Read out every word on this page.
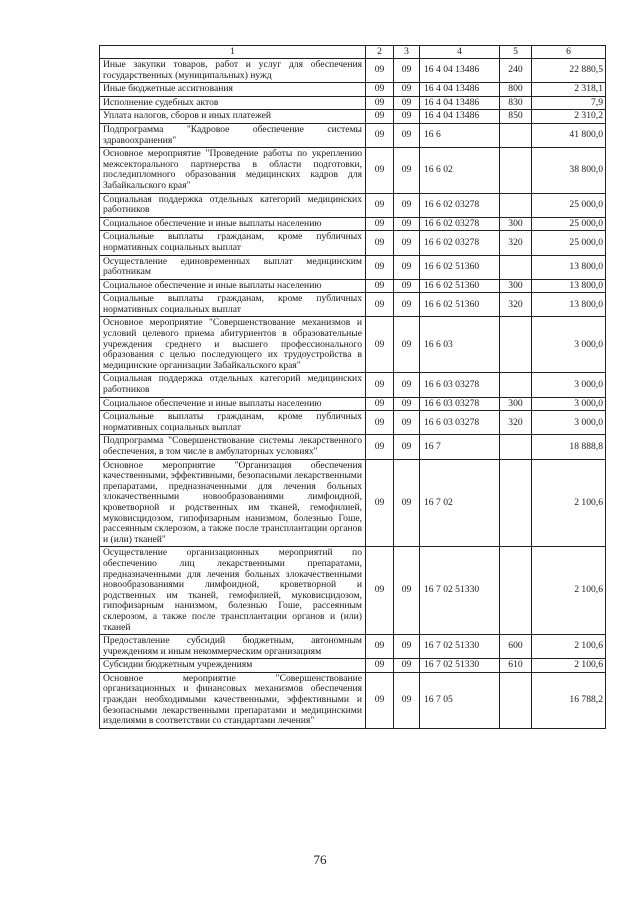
1	2	3	4	5	6
Иные закупки товаров, работ и услуг для обеспечения государственных (муниципальных) нужд	09	09	16 4 04 13486	240	22 880,5
Иные бюджетные ассигнования	09	09	16 4 04 13486	800	2 318,1
Исполнение судебных актов	09	09	16 4 04 13486	830	7,9
Уплата налогов, сборов и иных платежей	09	09	16 4 04 13486	850	2 310,2
Подпрограмма "Кадровое обеспечение системы здравоохранения"	09	09	16 6		41 800,0
Основное мероприятие "Проведение работы по укреплению межсекторального партнерства в области подготовки, последипломного образования медицинских кадров для Забайкальского края"	09	09	16 6 02		38 800,0
Социальная поддержка отдельных категорий медицинских работников	09	09	16 6 02 03278		25 000,0
Социальное обеспечение и иные выплаты населению	09	09	16 6 02 03278	300	25 000,0
Социальные выплаты гражданам, кроме публичных нормативных социальных выплат	09	09	16 6 02 03278	320	25 000,0
Осуществление единовременных выплат медицинским работникам	09	09	16 6 02 51360		13 800,0
Социальное обеспечение и иные выплаты населению	09	09	16 6 02 51360	300	13 800,0
Социальные выплаты гражданам, кроме публичных нормативных социальных выплат	09	09	16 6 02 51360	320	13 800,0
Основное мероприятие "Совершенствование механизмов и условий целевого приема абитуриентов в образовательные учреждения среднего и высшего профессионального образования с целью последующего их трудоустройства в медицинские организации Забайкальского края"	09	09	16 6 03		3 000,0
Социальная поддержка отдельных категорий медицинских работников	09	09	16 6 03 03278		3 000,0
Социальное обеспечение и иные выплаты населению	09	09	16 6 03 03278	300	3 000,0
Социальные выплаты гражданам, кроме публичных нормативных социальных выплат	09	09	16 6 03 03278	320	3 000,0
Подпрограмма "Совершенствование системы лекарственного обеспечения, в том числе в амбулаторных условиях"	09	09	16 7		18 888,8
Основное мероприятие "Организация обеспечения качественными, эффективными, безопасными лекарственными препаратами, предназначенными для лечения больных злокачественными новообразованиями лимфоидной, кроветворной и родственных им тканей, гемофилией, муковисцидозом, гипофизарным нанизмом, болезнью Гоше, рассеянным склерозом, а также после трансплантации органов и (или) тканей"	09	09	16 7 02		2 100,6
Осуществление организационных мероприятий по обеспечению лиц лекарственными препаратами, предназначенными для лечения больных злокачественными новообразованиями лимфоидной, кроветворной и родственных им тканей, гемофилией, муковисцидозом, гипофизарным нанизмом, болезнью Гоше, рассеянным склерозом, а также после трансплантации органов и (или) тканей	09	09	16 7 02 51330		2 100,6
Предоставление субсидий бюджетным, автономным учреждениям и иным некоммерческим организациям	09	09	16 7 02 51330	600	2 100,6
Субсидии бюджетным учреждениям	09	09	16 7 02 51330	610	2 100,6
Основное мероприятие "Совершенствование организационных и финансовых механизмов обеспечения граждан необходимыми качественными, эффективными и безопасными лекарственными препаратами и медицинскими изделиями в соответствии со стандартами лечения"	09	09	16 7 05		16 788,2
76
